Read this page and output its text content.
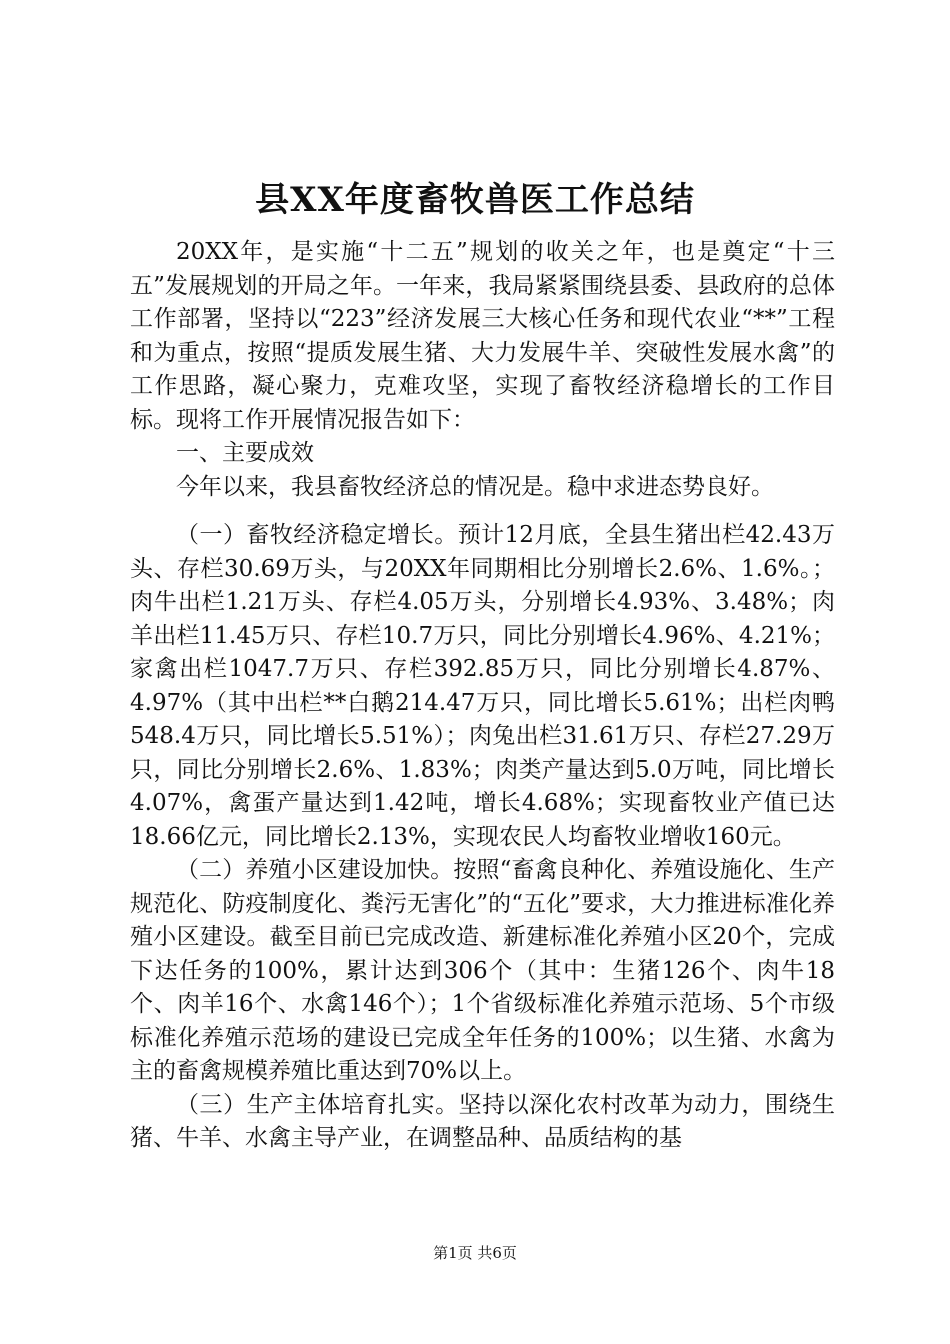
县XX年度畜牧兽医工作总结

20XX年，是实施“十二五”规划的收关之年，也是奠定“十三五”发展规划的开局之年。一年来，我局紧紧围绕县委、县政府的总体工作部署，坚持以“223”经济发展三大核心任务和现代农业“**”工程和为重点，按照“提质发展生猪、大力发展牛羊、突破性发展水禽”的工作思路，凝心聚力，克难攻坚，实现了畜牧经济稳增长的工作目标。现将工作开展情况报告如下：

一、主要成效

今年以来，我县畜牧经济总的情况是。稳中求进态势良好。

（一）畜牧经济稳定增长。预计12月底，全县生猪出栏42.43万头、存栏30.69万头，与20XX年同期相比分别增长2.6%、1.6%。；肉牛出栏1.21万头、存栏4.05万头，分别增长4.93%、3.48%；肉羊出栏11.45万只、存栏10.7万只，同比分别增长4.96%、4.21%；家禽出栏1047.7万只、存栏392.85万只，同比分别增长4.87%、4.97%（其中出栏**白鹅214.47万只，同比增长5.61%；出栏肉鸭548.4万只，同比增长5.51%）；肉兔出栏31.61万只、存栏27.29万只，同比分别增长2.6%、1.83%；肉类产量达到5.0万吨，同比增长4.07%，禽蛋产量达到1.42吨，增长4.68%；实现畜牧业产值已达18.66亿元，同比增长2.13%，实现农民人均畜牧业增收160元。

（二）养殖小区建设加快。按照“畜禽良种化、养殖设施化、生产规范化、防疫制度化、粪污无害化”的“五化”要求，大力推进标准化养殖小区建设。截至目前已完成改造、新建标准化养殖小区20个，完成下达任务的100%，累计达到306个（其中：生猪126个、肉牛18个、肉羊16个、水禽146个）；1个省级标准化养殖示范场、5个市级标准化养殖示范场的建设已完成全年任务的100%；以生猪、水禽为主的畜禽规模养殖比重达到70%以上。

（三）生产主体培育扎实。坚持以深化农村改革为动力，围绕生猪、牛羊、水禽主导产业，在调整品种、品质结构的基

第1页 共6页
